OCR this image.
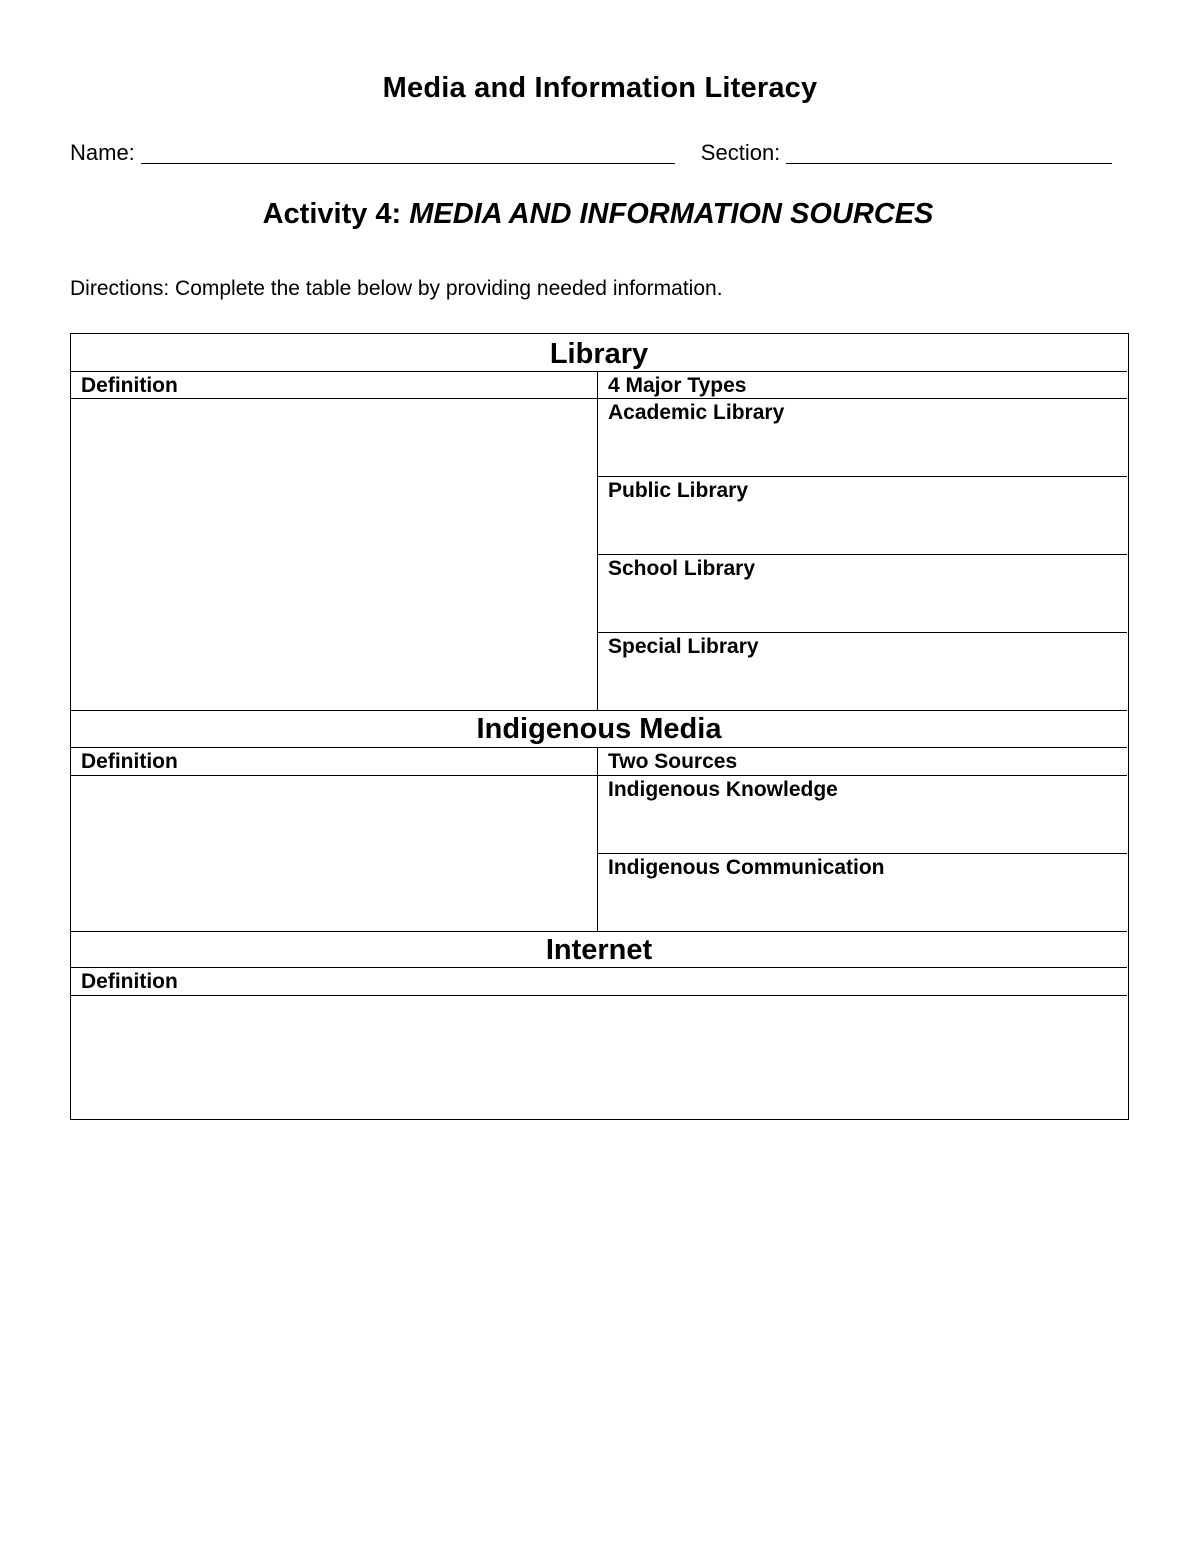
Media and Information Literacy
Name:	Section:
Activity 4: MEDIA AND INFORMATION SOURCES
Directions: Complete the table below by providing needed information.
Library
Definition	4 Major Types
Academic Library
Public Library
School Library
Special Library
Indigenous Media
Definition	Two Sources
Indigenous Knowledge
Indigenous Communication
Internet
Definition
